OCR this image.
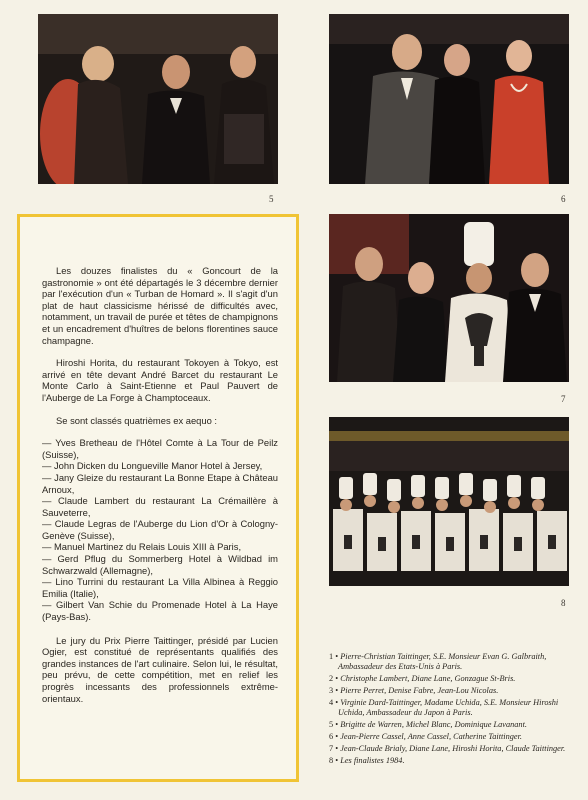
5	6

Les douzes finalistes du « Goncourt de la gastronomie » ont été départagés le 3 décembre dernier par l'exécution d'un « Turban de Homard ». Il s'agit d'un plat de haut classicisme hérissé de difficultés avec, notamment, un travail de purée et têtes de champignons et un encadrement d'huîtres de belons florentines sauce champagne.

Hiroshi Horita, du restaurant Tokoyen à Tokyo, est arrivé en tête devant André Barcet du restaurant Le Monte Carlo à Saint-Etienne et Paul Pauvert de l'Auberge de La Forge à Champtoceaux.

Se sont classés quatrièmes ex aequo :

— Yves Bretheau de l'Hôtel Comte à La Tour de Peilz (Suisse),
— John Dicken du Longueville Manor Hotel à Jersey,
— Jany Gleize du restaurant La Bonne Etape à Château Arnoux,
— Claude Lambert du restaurant La Crémaillère à Sauveterre,
— Claude Legras de l'Auberge du Lion d'Or à Cologny-Genève (Suisse),
— Manuel Martinez du Relais Louis XIII à Paris,
— Gerd Pflug du Sommerberg Hotel à Wildbad im Schwarzwald (Allemagne),
— Lino Turrini du restaurant La Villa Albinea à Reggio Emilia (Italie),
— Gilbert Van Schie du Promenade Hotel à La Haye (Pays-Bas).

Le jury du Prix Pierre Taittinger, présidé par Lucien Ogier, est constitué de représentants qualifiés des grandes instances de l'art culinaire. Selon lui, le résultat, peu prévu, de cette compétition, met en relief les progrès incessants des professionnels extrême-orientaux.

7
8
1 • Pierre-Christian Taittinger, S.E. Monsieur Evan G. Galbraith, Ambassadeur des Etats-Unis à Paris.
2 • Christophe Lambert, Diane Lane, Gonzague St-Bris.
3 • Pierre Perret, Denise Fabre, Jean-Lou Nicolas.
4 • Virginie Dard-Taittinger, Madame Uchida, S.E. Monsieur Hiroshi Uchida, Ambassadeur du Japon à Paris.
5 • Brigitte de Warren, Michel Blanc, Dominique Lavanant.
6 • Jean-Pierre Cassel, Anne Cassel, Catherine Taittinger.
7 • Jean-Claude Brialy, Diane Lane, Hiroshi Horita, Claude Taittinger.
8 • Les finalistes 1984.
